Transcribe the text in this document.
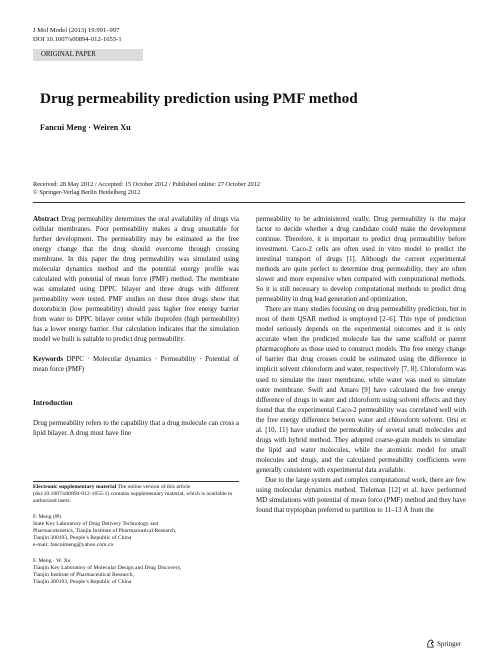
J Mol Model (2013) 19:991–997
DOI 10.1007/s00894-012-1655-1
ORIGINAL PAPER
Drug permeability prediction using PMF method
Fancui Meng · Weiren Xu
Received: 28 May 2012 / Accepted: 15 October 2012 / Published online: 27 October 2012
© Springer-Verlag Berlin Heidelberg 2012

Abstract Drug permeability determines the oral availability of drugs via cellular membranes. Poor permeability makes a drug unsuitable for further development. The permeability may be estimated as the free energy change that the drug should overcome through crossing membrane. In this paper the drug permeability was simulated using molecular dynamics method and the potential energy profile was calculated with potential of mean force (PMF) method. The membrane was simulated using DPPC bilayer and three drugs with different permeability were tested. PMF studies on these three drugs show that doxorubicin (low permeability) should pass higher free energy barrier from water to DPPC bilayer center while ibuprofen (high permeability) has a lower energy barrier. Our calculation indicates that the simulation model we built is suitable to predict drug permeability.

Keywords DPPC · Molecular dynamics · Permeability · Potential of mean force (PMF)

Introduction

Drug permeability refers to the capability that a drug molecule can cross a lipid bilayer. A drug must have fine

Electronic supplementary material The online version of this article (doi:10.1007/s00894-012-1655-1) contains supplementary material, which is available to authorized users.

F. Meng (✉)
State Key Laboratory of Drug Delivery Technology and
Pharmacokinetics, Tianjin Institute of Pharmaceutical Research,
Tianjin 300193, People’s Republic of China
e-mail: fancuimeng@yahoo.com.cn

F. Meng · W. Xu
Tianjin Key Laboratory of Molecular Design and Drug Discovery,
Tianjin Institute of Pharmaceutical Research,
Tianjin 300193, People’s Republic of China

permeability to be administered orally. Drug permeability is the major factor to decide whether a drug candidate could make the development continue. Therefore, it is important to predict drug permeability before investment. Caco-2 cells are often used in vitro model to predict the intestinal transport of drugs [1]. Although the current experimental methods are quite perfect to determine drug permeability, they are often slower and more expensive when compared with computational methods. So it is still necessary to develop computational methods to predict drug permeability in drug lead generation and optimization.

There are many studies focusing on drug permeability prediction, but in most of them QSAR method is employed [2–6]. This type of prediction model seriously depends on the experimental outcomes and it is only accurate when the predicted molecule has the same scaffold or parent pharmacophore as those used to construct models. The free energy change of barrier that drug crosses could be estimated using the difference in implicit solvent chloroform and water, respectively [7, 8]. Chloroform was used to simulate the inner membrane, while water was used to simulate outer membrane. Swift and Amaro [9] have calculated the free energy difference of drugs in water and chloroform using solvent effects and they found that the experimental Caco-2 permeability was correlated well with the free energy difference between water and chloroform solvent. Orsi et al. [10, 11] have studied the permeability of several small molecules and drugs with hybrid method. They adopted coarse-grain models to simulate the lipid and water molecules, while the atomistic model for small molecules and drugs, and the calculated permeability coefficients were generally consistent with experimental data available.

Due to the large system and complex computational work, there are few using molecular dynamics method. Tieleman [12] et al. have performed MD simulations with potential of mean force (PMF) method and they have found that tryptophan preferred to partition to 11–13 Å from the

Springer
